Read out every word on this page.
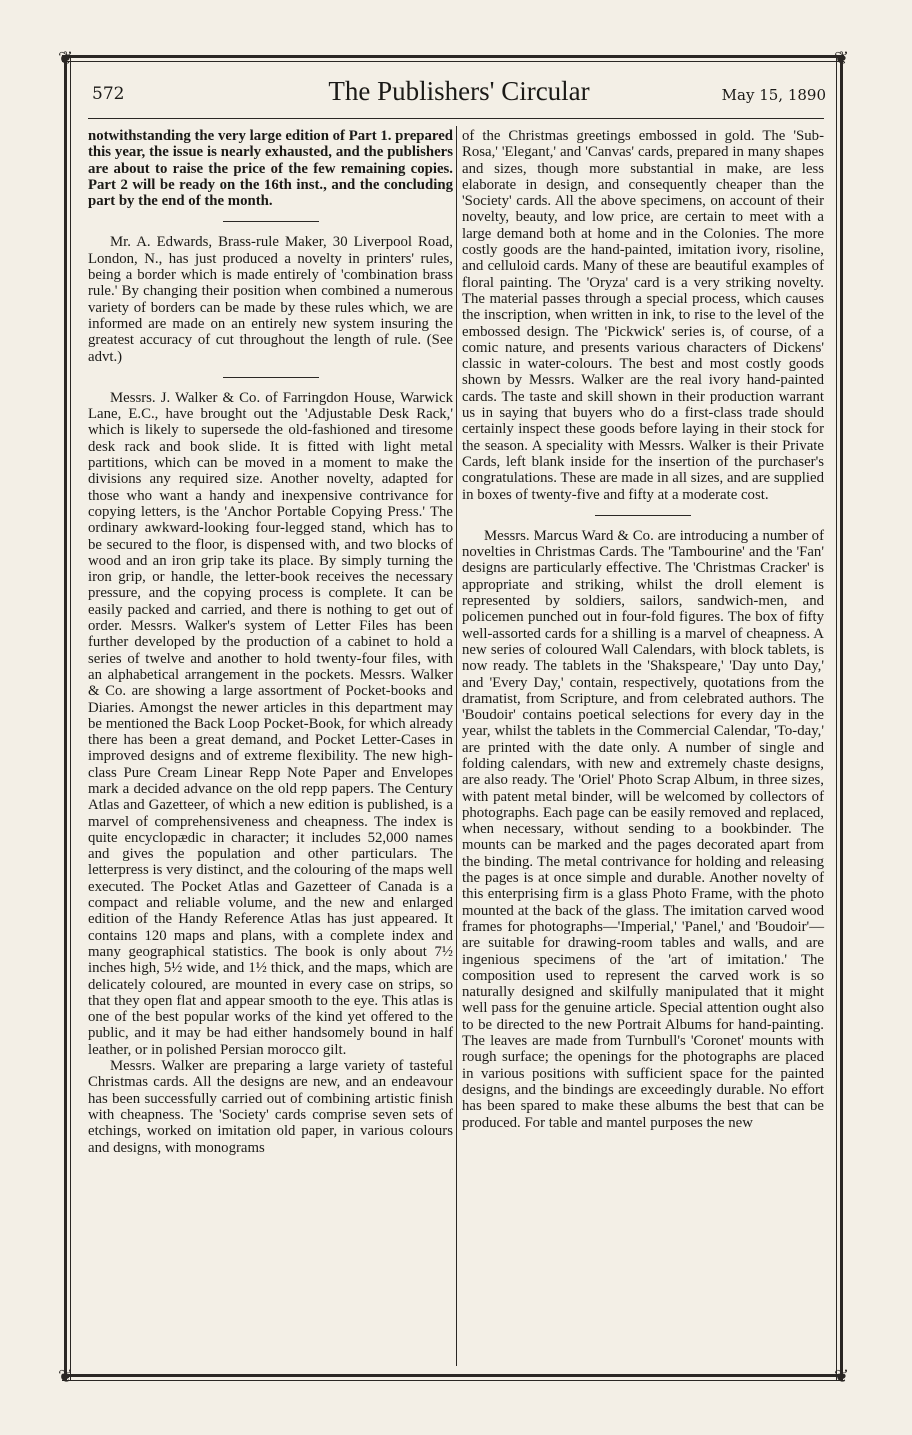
❦	❦
❦	❦
572	The Publishers' Circular	May 15, 1890

notwithstanding the very large edition of Part 1. prepared this year, the issue is nearly exhausted, and the publishers are about to raise the price of the few remaining copies. Part 2 will be ready on the 16th inst., and the concluding part by the end of the month.

Mr. A. Edwards, Brass-rule Maker, 30 Liverpool Road, London, N., has just produced a novelty in printers' rules, being a border which is made entirely of 'combination brass rule.' By changing their position when combined a numerous variety of borders can be made by these rules which, we are informed are made on an entirely new system insuring the greatest accuracy of cut throughout the length of rule. (See advt.)

Messrs. J. Walker & Co. of Farringdon House, Warwick Lane, E.C., have brought out the 'Adjustable Desk Rack,' which is likely to supersede the old-fashioned and tiresome desk rack and book slide. It is fitted with light metal partitions, which can be moved in a moment to make the divisions any required size. Another novelty, adapted for those who want a handy and inexpensive contrivance for copying letters, is the 'Anchor Portable Copying Press.' The ordinary awkward-looking four-legged stand, which has to be secured to the floor, is dispensed with, and two blocks of wood and an iron grip take its place. By simply turning the iron grip, or handle, the letter-book receives the necessary pressure, and the copying process is complete. It can be easily packed and carried, and there is nothing to get out of order. Messrs. Walker's system of Letter Files has been further developed by the production of a cabinet to hold a series of twelve and another to hold twenty-four files, with an alphabetical arrangement in the pockets. Messrs. Walker & Co. are showing a large assortment of Pocket-books and Diaries. Amongst the newer articles in this department may be mentioned the Back Loop Pocket-Book, for which already there has been a great demand, and Pocket Letter-Cases in improved designs and of extreme flexibility. The new high-class Pure Cream Linear Repp Note Paper and Envelopes mark a decided advance on the old repp papers. The Century Atlas and Gazetteer, of which a new edition is published, is a marvel of comprehensiveness and cheapness. The index is quite encyclopædic in character; it includes 52,000 names and gives the population and other particulars. The letterpress is very distinct, and the colouring of the maps well executed. The Pocket Atlas and Gazetteer of Canada is a compact and reliable volume, and the new and enlarged edition of the Handy Reference Atlas has just appeared. It contains 120 maps and plans, with a complete index and many geographical statistics. The book is only about 7½ inches high, 5½ wide, and 1½ thick, and the maps, which are delicately coloured, are mounted in every case on strips, so that they open flat and appear smooth to the eye. This atlas is one of the best popular works of the kind yet offered to the public, and it may be had either handsomely bound in half leather, or in polished Persian morocco gilt.

Messrs. Walker are preparing a large variety of tasteful Christmas cards. All the designs are new, and an endeavour has been successfully carried out of combining artistic finish with cheapness. The 'Society' cards comprise seven sets of etchings, worked on imitation old paper, in various colours and designs, with monograms

of the Christmas greetings embossed in gold. The 'Sub-Rosa,' 'Elegant,' and 'Canvas' cards, prepared in many shapes and sizes, though more substantial in make, are less elaborate in design, and consequently cheaper than the 'Society' cards. All the above specimens, on account of their novelty, beauty, and low price, are certain to meet with a large demand both at home and in the Colonies. The more costly goods are the hand-painted, imitation ivory, risoline, and celluloid cards. Many of these are beautiful examples of floral painting. The 'Oryza' card is a very striking novelty. The material passes through a special process, which causes the inscription, when written in ink, to rise to the level of the embossed design. The 'Pickwick' series is, of course, of a comic nature, and presents various characters of Dickens' classic in water-colours. The best and most costly goods shown by Messrs. Walker are the real ivory hand-painted cards. The taste and skill shown in their production warrant us in saying that buyers who do a first-class trade should certainly inspect these goods before laying in their stock for the season. A speciality with Messrs. Walker is their Private Cards, left blank inside for the insertion of the purchaser's congratulations. These are made in all sizes, and are supplied in boxes of twenty-five and fifty at a moderate cost.

Messrs. Marcus Ward & Co. are introducing a number of novelties in Christmas Cards. The 'Tambourine' and the 'Fan' designs are particularly effective. The 'Christmas Cracker' is appropriate and striking, whilst the droll element is represented by soldiers, sailors, sandwich-men, and policemen punched out in four-fold figures. The box of fifty well-assorted cards for a shilling is a marvel of cheapness. A new series of coloured Wall Calendars, with block tablets, is now ready. The tablets in the 'Shakspeare,' 'Day unto Day,' and 'Every Day,' contain, respectively, quotations from the dramatist, from Scripture, and from celebrated authors. The 'Boudoir' contains poetical selections for every day in the year, whilst the tablets in the Commercial Calendar, 'To-day,' are printed with the date only. A number of single and folding calendars, with new and extremely chaste designs, are also ready. The 'Oriel' Photo Scrap Album, in three sizes, with patent metal binder, will be welcomed by collectors of photographs. Each page can be easily removed and replaced, when necessary, without sending to a bookbinder. The mounts can be marked and the pages decorated apart from the binding. The metal contrivance for holding and releasing the pages is at once simple and durable. Another novelty of this enterprising firm is a glass Photo Frame, with the photo mounted at the back of the glass. The imitation carved wood frames for photographs—'Imperial,' 'Panel,' and 'Boudoir'—are suitable for drawing-room tables and walls, and are ingenious specimens of the 'art of imitation.' The composition used to represent the carved work is so naturally designed and skilfully manipulated that it might well pass for the genuine article. Special attention ought also to be directed to the new Portrait Albums for hand-painting. The leaves are made from Turnbull's 'Coronet' mounts with rough surface; the openings for the photographs are placed in various positions with sufficient space for the painted designs, and the bindings are exceedingly durable. No effort has been spared to make these albums the best that can be produced. For table and mantel purposes the new
